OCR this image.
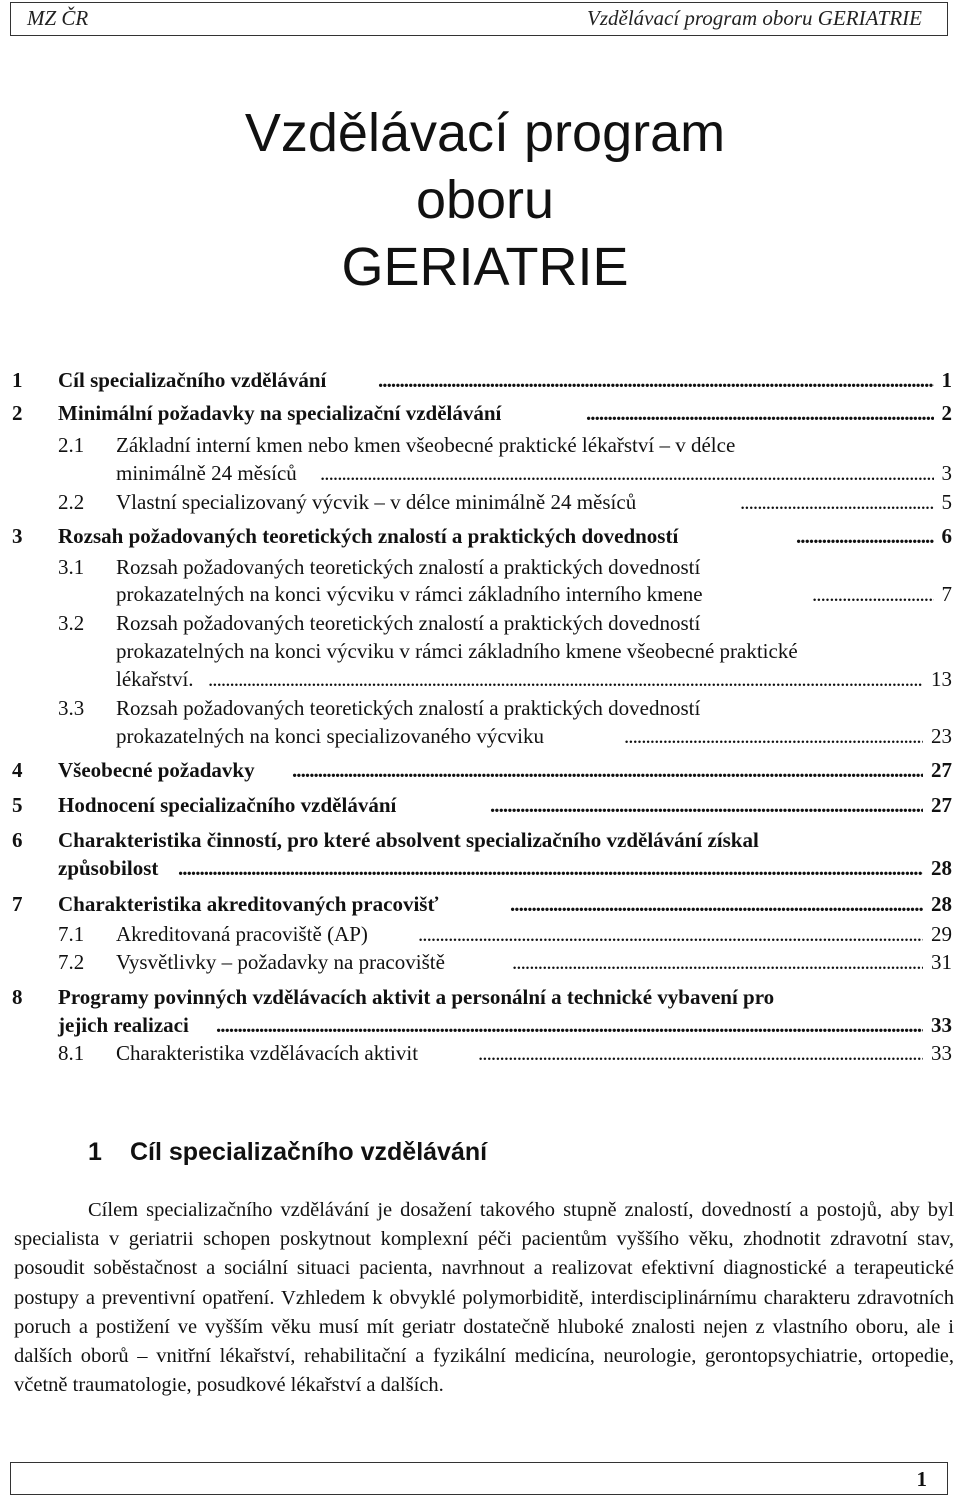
MZ ČR	Vzdělávací program oboru GERIATRIE
Vzdělávací program
oboru
GERIATRIE
1 Cíl specializačního vzdělávání . . .	1
2 Minimální požadavky na specializační vzdělávání . . .	2
2.1 Základní interní kmen nebo kmen všeobecné praktické lékařství – v délce
minimálně 24 měsíců . . .	3
2.2 Vlastní specializovaný výcvik – v délce minimálně 24 měsíců . . .	5
3 Rozsah požadovaných teoretických znalostí a praktických dovedností . . .	6
3.1 Rozsah požadovaných teoretických znalostí a praktických dovedností
prokazatelných na konci výcviku v rámci základního interního kmene . . .	7
3.2 Rozsah požadovaných teoretických znalostí a praktických dovedností
prokazatelných na konci výcviku v rámci základního kmene všeobecné praktické
lékařství. . . .	13
3.3 Rozsah požadovaných teoretických znalostí a praktických dovedností
prokazatelných na konci specializovaného výcviku . . .	23
4 Všeobecné požadavky . . .	27
5 Hodnocení specializačního vzdělávání . . .	27
6 Charakteristika činností, pro které absolvent specializačního vzdělávání získal
způsobilost . . .	28
7 Charakteristika akreditovaných pracovišť . . .	28
7.1 Akreditovaná pracoviště (AP) . . .	29
7.2 Vysvětlivky – požadavky na pracoviště . . .	31
8 Programy povinných vzdělávacích aktivit a personální a technické vybavení pro
jejich realizaci . . .	33
8.1 Charakteristika vzdělávacích aktivit . . .	33
1 Cíl specializačního vzdělávání

Cílem specializačního vzdělávání je dosažení takového stupně znalostí, dovedností a postojů, aby byl specialista v geriatrii schopen poskytnout komplexní péči pacientům vyššího věku, zhodnotit zdravotní stav, posoudit soběstačnost a sociální situaci pacienta, navrhnout a realizovat efektivní diagnostické a terapeutické postupy a preventivní opatření. Vzhledem k obvyklé polymorbiditě, interdisciplinárnímu charakteru zdravotních poruch a postižení ve vyšším věku musí mít geriatr dostatečně hluboké znalosti nejen z vlastního oboru, ale i dalších oborů – vnitřní lékařství, rehabilitační a fyzikální medicína, neurologie, gerontopsychiatrie, ortopedie, včetně traumatologie, posudkové lékařství a dalších.

1
